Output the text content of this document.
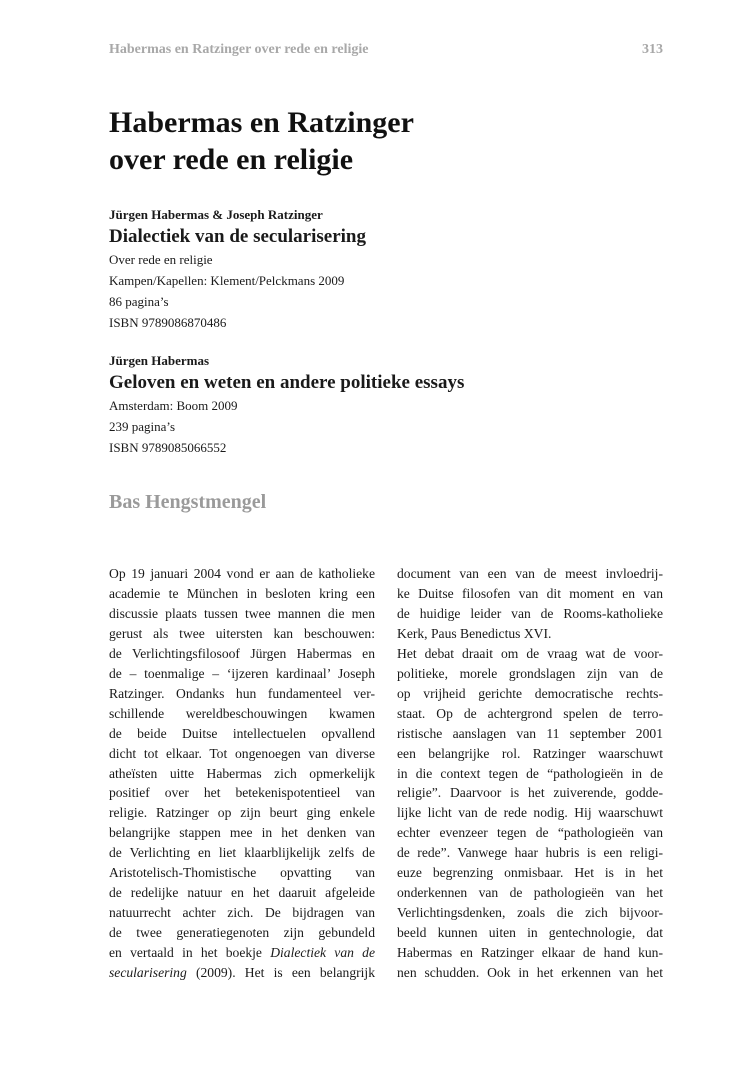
Habermas en Ratzinger over rede en religie	313
Habermas en Ratzinger
over rede en religie
Jürgen Habermas & Joseph Ratzinger
Dialectiek van de secularisering
Over rede en religie
Kampen/Kapellen: Klement/Pelckmans 2009
86 pagina’s
ISBN 9789086870486
Jürgen Habermas
Geloven en weten en andere politieke essays
Amsterdam: Boom 2009
239 pagina’s
ISBN 9789085066552
Bas Hengstmengel
Op 19 januari 2004 vond er aan de katholieke
academie te München in besloten kring een
discussie plaats tussen twee mannen die men
gerust als twee uitersten kan beschouwen:
de Verlichtingsfilosoof Jürgen Habermas en
de – toenmalige – ‘ijzeren kardinaal’ Joseph
Ratzinger. Ondanks hun fundamenteel ver-
schillende wereldbeschouwingen kwamen
de beide Duitse intellectuelen opvallend
dicht tot elkaar. Tot ongenoegen van diverse
atheïsten uitte Habermas zich opmerkelijk
positief over het betekenispotentieel van
religie. Ratzinger op zijn beurt ging enkele
belangrijke stappen mee in het denken van
de Verlichting en liet klaarblijkelijk zelfs de
Aristotelisch-Thomistische opvatting van
de redelijke natuur en het daaruit afgeleide
natuurrecht achter zich. De bijdragen van
de twee generatiegenoten zijn gebundeld
en vertaald in het boekje Dialectiek van de
secularisering (2009). Het is een belangrijk
document van een van de meest invloedrij-
ke Duitse filosofen van dit moment en van
de huidige leider van de Rooms-katholieke
Kerk, Paus Benedictus XVI.
Het debat draait om de vraag wat de voor-
politieke, morele grondslagen zijn van de
op vrijheid gerichte democratische rechts-
staat. Op de achtergrond spelen de terro-
ristische aanslagen van 11 september 2001
een belangrijke rol. Ratzinger waarschuwt
in die context tegen de “pathologieën in de
religie”. Daarvoor is het zuiverende, godde-
lijke licht van de rede nodig. Hij waarschuwt
echter evenzeer tegen de “pathologieën van
de rede”. Vanwege haar hubris is een religi-
euze begrenzing onmisbaar. Het is in het
onderkennen van de pathologieën van het
Verlichtingsdenken, zoals die zich bijvoor-
beeld kunnen uiten in gentechnologie, dat
Habermas en Ratzinger elkaar de hand kun-
nen schudden. Ook in het erkennen van het
